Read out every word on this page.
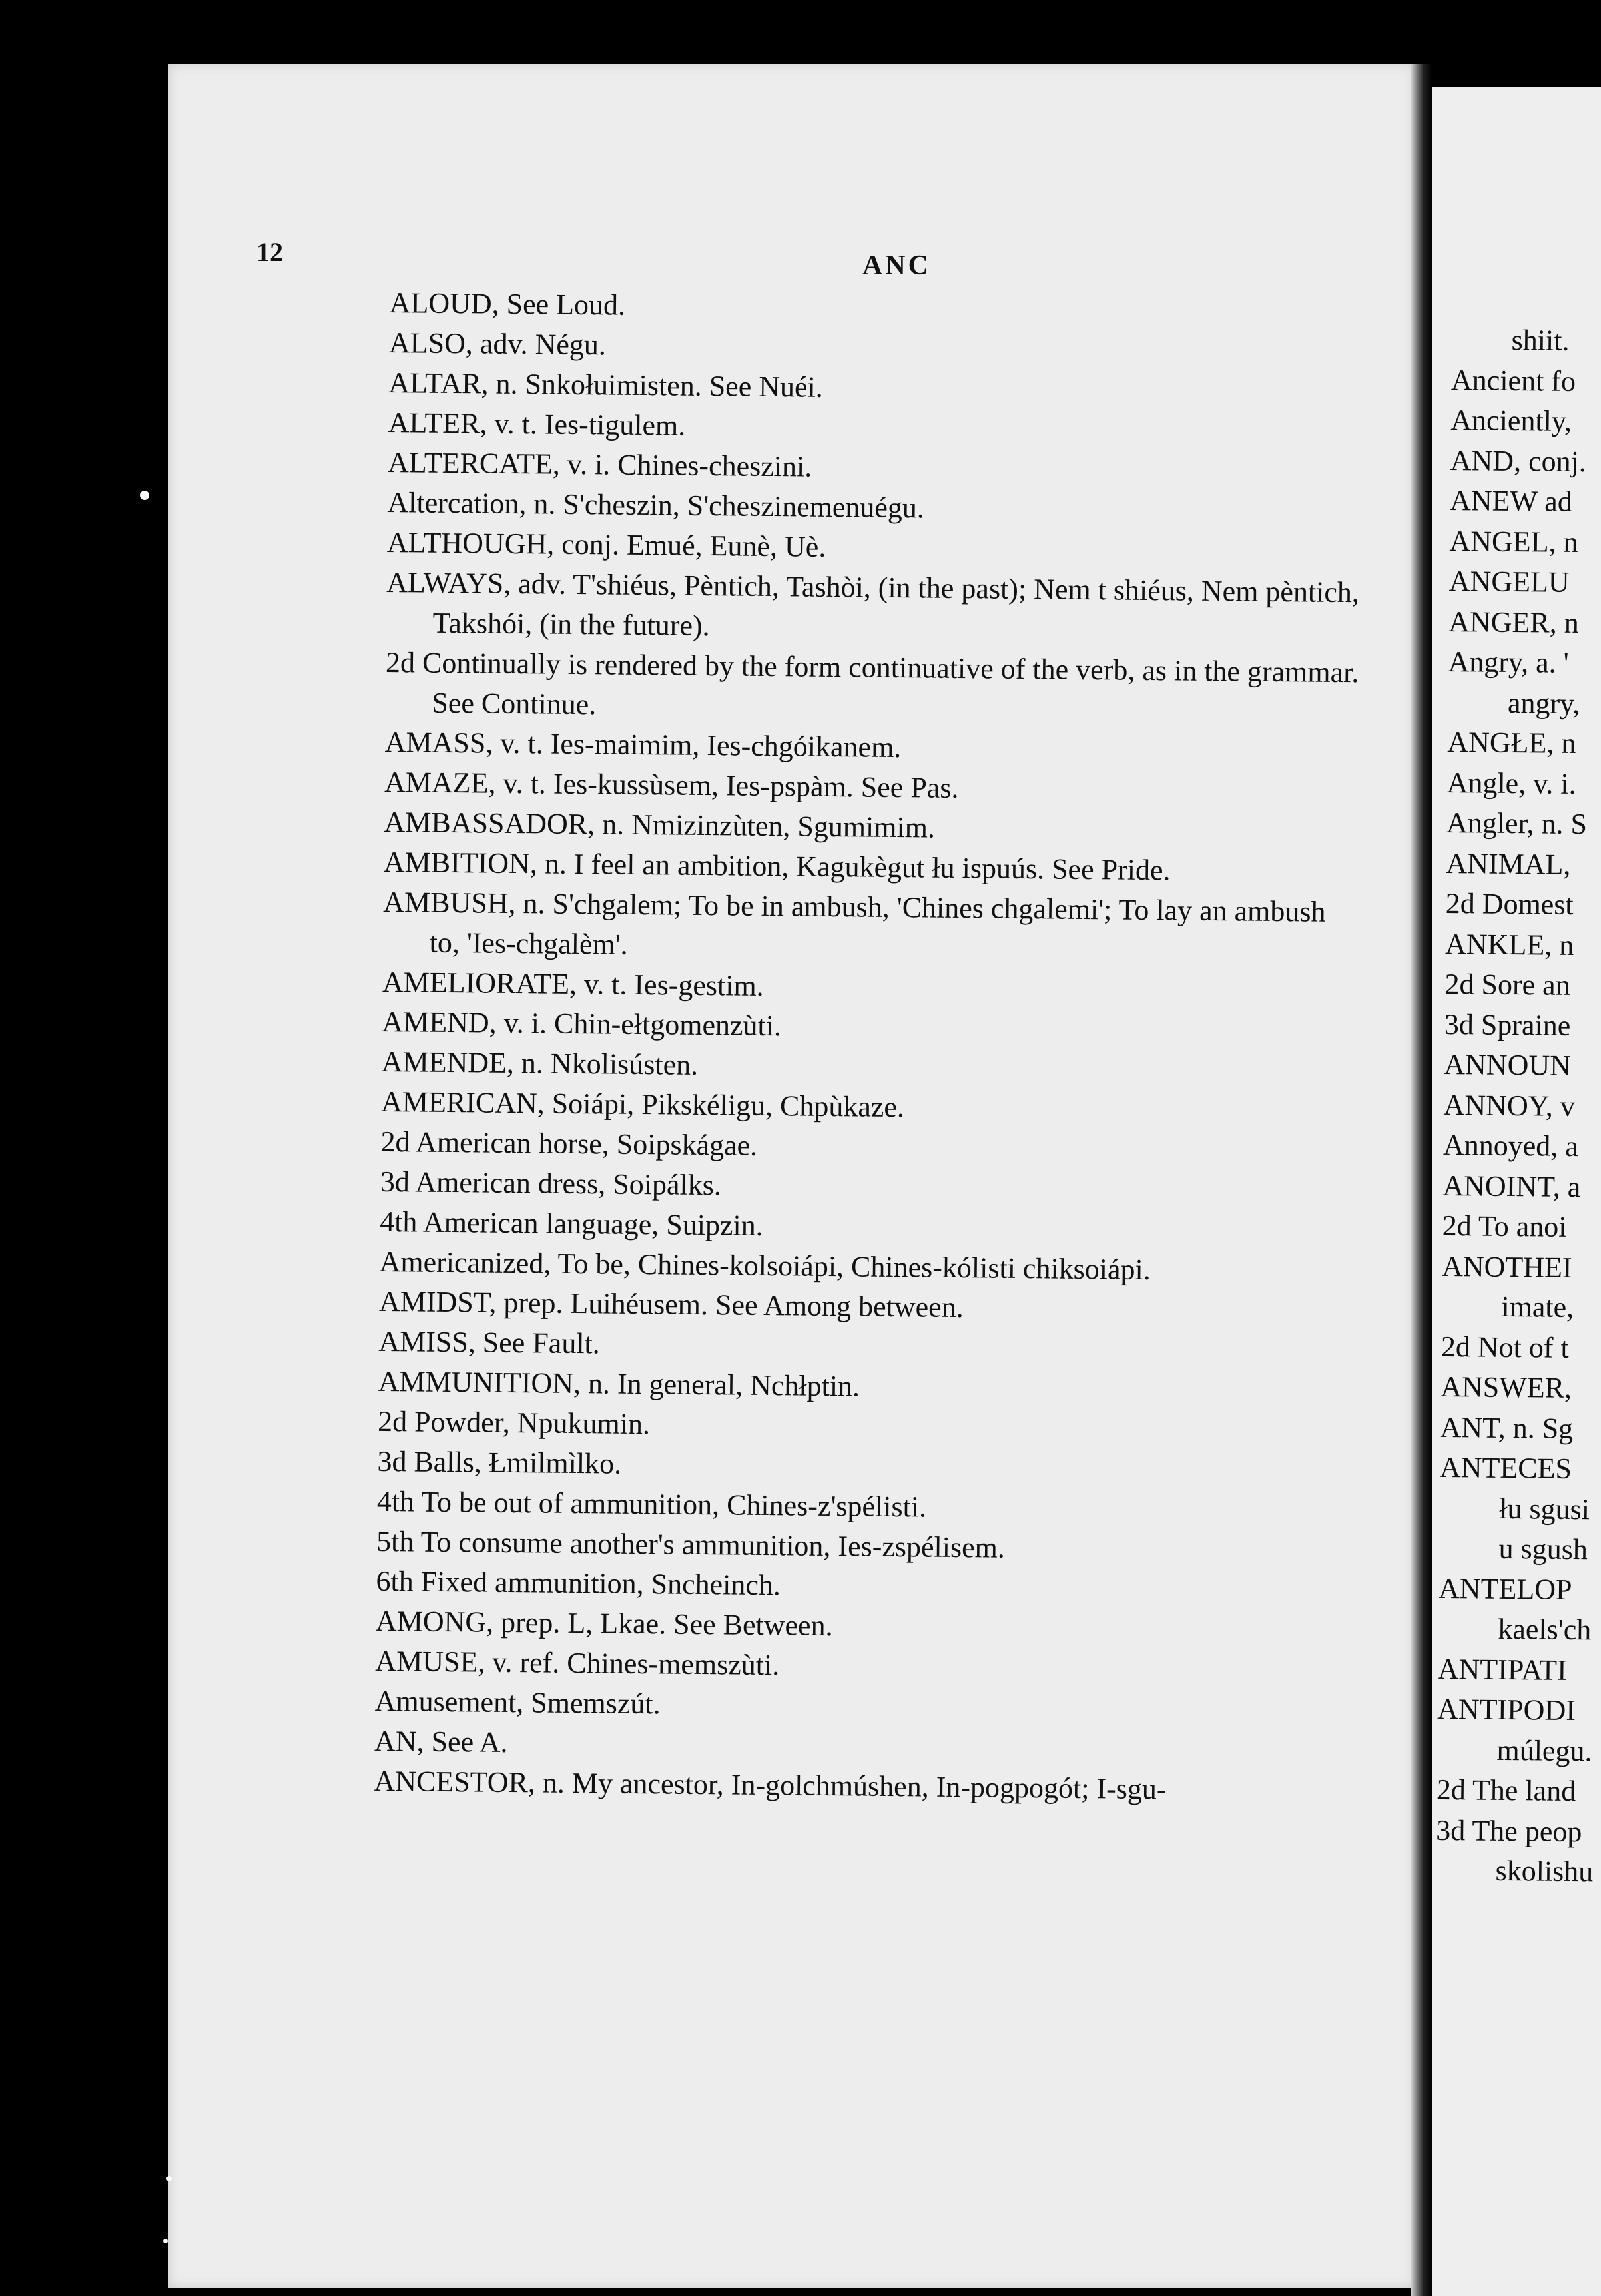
shiit.
Ancient fo
Anciently,
AND, conj.
ANEW ad
ANGEL, n
ANGELU
ANGER, n
Angry, a. '
angry,
ANGŁE, n
Angle, v. i.
Angler, n. S
ANIMAL,
2d Domest
ANKLE, n
2d Sore an
3d Spraine
ANNOUN
ANNOY, v
Annoyed, a
ANOINT, a
2d To anoi
ANOTHEI
imate,
2d Not of t
ANSWER,
ANT, n. Sg
ANTECES
łu sgusi
u sgush
ANTELOP
kaels'ch
ANTIPATI
ANTIPODI
múlegu.
2d The land
3d The peop
skolishu
12	ANC
ALOUD, See Loud.
ALSO, adv. Négu.
ALTAR, n. Snkołuimisten. See Nuéi.
ALTER, v. t. Ies-tigulem.
ALTERCATE, v. i. Chines-cheszini.
Altercation, n. S'cheszin, S'cheszinemenuégu.
ALTHOUGH, conj. Emué, Eunè, Uè.
ALWAYS, adv. T'shiéus, Pèntich, Tashòi, (in the past); Nem t shiéus, Nem pèntich, Takshói, (in the future).
2d Continually is rendered by the form continuative of the verb, as in the grammar. See Continue.
AMASS, v. t. Ies-maimim, Ies-chgóikanem.
AMAZE, v. t. Ies-kussùsem, Ies-pspàm. See Pas.
AMBASSADOR, n. Nmizinzùten, Sgumimim.
AMBITION, n. I feel an ambition, Kagukègut łu ispuús. See Pride.
AMBUSH, n. S'chgalem; To be in ambush, 'Chines chgalemi'; To lay an ambush to, 'Ies-chgalèm'.
AMELIORATE, v. t. Ies-gestim.
AMEND, v. i. Chin-ełtgomenzùti.
AMENDE, n. Nkolisústen.
AMERICAN, Soiápi, Pikskéligu, Chpùkaze.
2d American horse, Soipskágae.
3d American dress, Soipálks.
4th American language, Suipzin.
Americanized, To be, Chines-kolsoiápi, Chines-kólisti chiksoiápi.
AMIDST, prep. Luihéusem. See Among between.
AMISS, See Fault.
AMMUNITION, n. In general, Nchłptin.
2d Powder, Npukumin.
3d Balls, Łmilmìlko.
4th To be out of ammunition, Chines-z'spélisti.
5th To consume another's ammunition, Ies-zspélisem.
6th Fixed ammunition, Sncheinch.
AMONG, prep. L, Lkae. See Between.
AMUSE, v. ref. Chines-memszùti.
Amusement, Smemszút.
AN, See A.
ANCESTOR, n. My ancestor, In-golchmúshen, In-pogpogót; I-sgu-
